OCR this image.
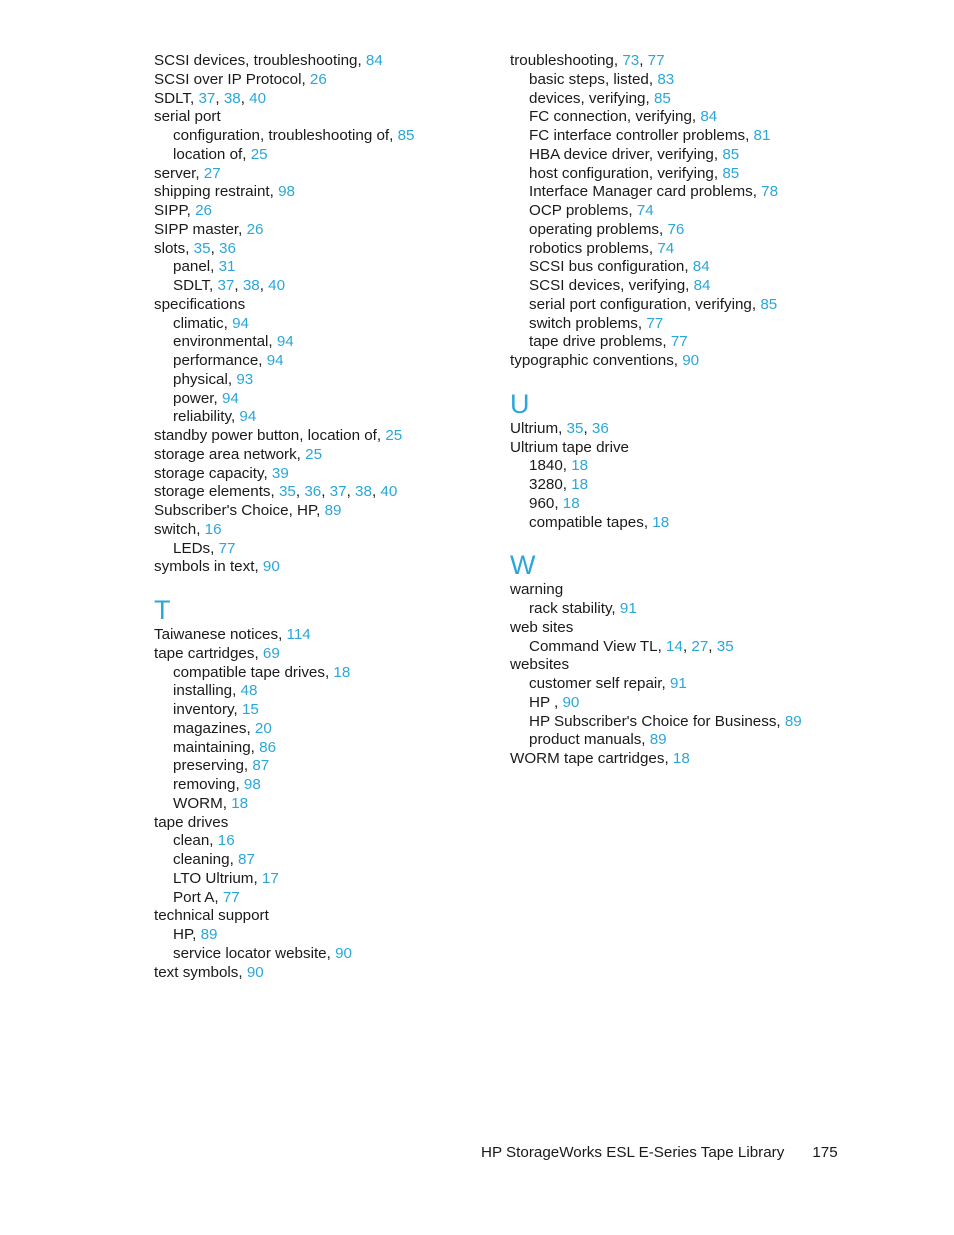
SCSI devices, troubleshooting, 84
SCSI over IP Protocol, 26
SDLT, 37, 38, 40
serial port
configuration, troubleshooting of, 85
location of, 25
server, 27
shipping restraint, 98
SIPP, 26
SIPP master, 26
slots, 35, 36
panel, 31
SDLT, 37, 38, 40
specifications
climatic, 94
environmental, 94
performance, 94
physical, 93
power, 94
reliability, 94
standby power button, location of, 25
storage area network, 25
storage capacity, 39
storage elements, 35, 36, 37, 38, 40
Subscriber's Choice, HP, 89
switch, 16
LEDs, 77
symbols in text, 90
T
Taiwanese notices, 114
tape cartridges, 69
compatible tape drives, 18
installing, 48
inventory, 15
magazines, 20
maintaining, 86
preserving, 87
removing, 98
WORM, 18
tape drives
clean, 16
cleaning, 87
LTO Ultrium, 17
Port A, 77
technical support
HP, 89
service locator website, 90
text symbols, 90
troubleshooting, 73, 77
basic steps, listed, 83
devices, verifying, 85
FC connection, verifying, 84
FC interface controller problems, 81
HBA device driver, verifying, 85
host configuration, verifying, 85
Interface Manager card problems, 78
OCP problems, 74
operating problems, 76
robotics problems, 74
SCSI bus configuration, 84
SCSI devices, verifying, 84
serial port configuration, verifying, 85
switch problems, 77
tape drive problems, 77
typographic conventions, 90
U
Ultrium, 35, 36
Ultrium tape drive
1840, 18
3280, 18
960, 18
compatible tapes, 18
W
warning
rack stability, 91
web sites
Command View TL, 14, 27, 35
websites
customer self repair, 91
HP , 90
HP Subscriber's Choice for Business, 89
product manuals, 89
WORM tape cartridges, 18
HP StorageWorks ESL E-Series Tape Library 175
